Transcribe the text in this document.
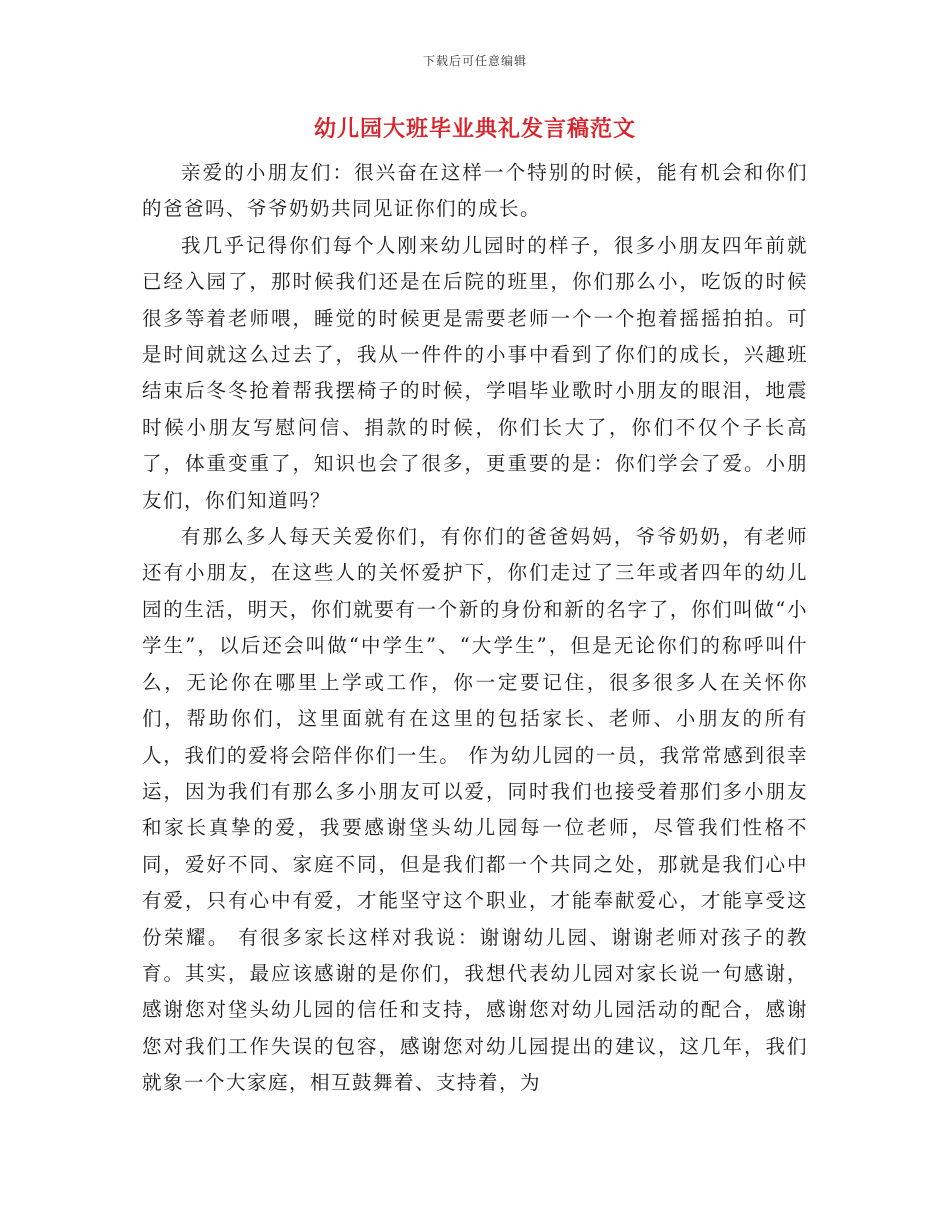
下载后可任意编辑
幼儿园大班毕业典礼发言稿范文

亲爱的小朋友们：很兴奋在这样一个特别的时候，能有机会和你们的爸爸吗、爷爷奶奶共同见证你们的成长。

我几乎记得你们每个人刚来幼儿园时的样子，很多小朋友四年前就已经入园了，那时候我们还是在后院的班里，你们那么小，吃饭的时候很多等着老师喂，睡觉的时候更是需要老师一个一个抱着摇摇拍拍。可是时间就这么过去了，我从一件件的小事中看到了你们的成长，兴趣班结束后冬冬抢着帮我摆椅子的时候，学唱毕业歌时小朋友的眼泪，地震时候小朋友写慰问信、捐款的时候，你们长大了，你们不仅个子长高了，体重变重了，知识也会了很多，更重要的是：你们学会了爱。小朋友们，你们知道吗？

有那么多人每天关爱你们，有你们的爸爸妈妈，爷爷奶奶，有老师还有小朋友，在这些人的关怀爱护下，你们走过了三年或者四年的幼儿园的生活，明天，你们就要有一个新的身份和新的名字了，你们叫做“小学生”，以后还会叫做“中学生”、“大学生”，但是无论你们的称呼叫什么，无论你在哪里上学或工作，你一定要记住，很多很多人在关怀你们，帮助你们，这里面就有在这里的包括家长、老师、小朋友的所有人，我们的爱将会陪伴你们一生。 作为幼儿园的一员，我常常感到很幸运，因为我们有那么多小朋友可以爱，同时我们也接受着那们多小朋友和家长真挚的爱，我要感谢垡头幼儿园每一位老师，尽管我们性格不同，爱好不同、家庭不同，但是我们都一个共同之处，那就是我们心中有爱，只有心中有爱，才能坚守这个职业，才能奉献爱心，才能享受这份荣耀。 有很多家长这样对我说：谢谢幼儿园、谢谢老师对孩子的教育。其实，最应该感谢的是你们，我想代表幼儿园对家长说一句感谢，感谢您对垡头幼儿园的信任和支持，感谢您对幼儿园活动的配合，感谢您对我们工作失误的包容，感谢您对幼儿园提出的建议，这几年，我们就象一个大家庭，相互鼓舞着、支持着，为
